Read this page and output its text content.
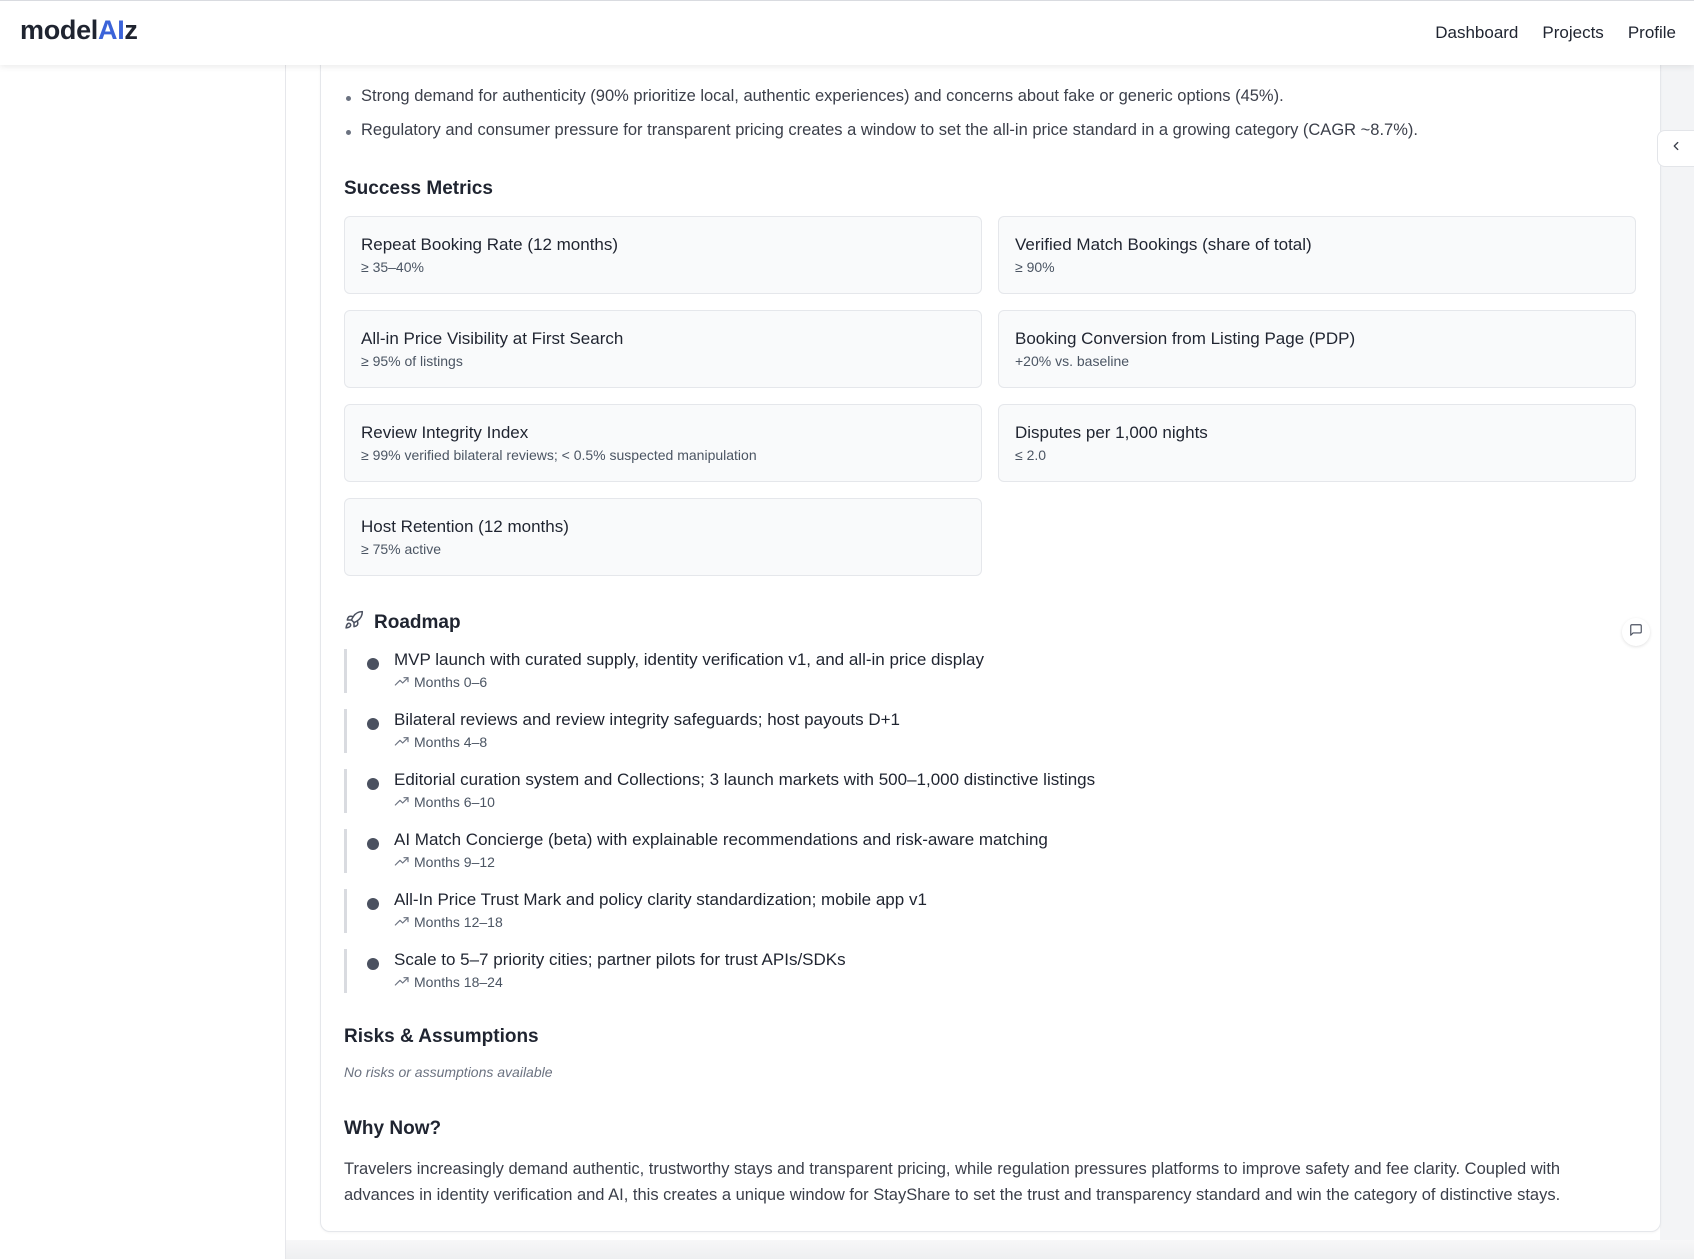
Strong demand for authenticity (90% prioritize local, authentic experiences) and concerns about fake or generic options (45%).
Regulatory and consumer pressure for transparent pricing creates a window to set the all-in price standard in a growing category (CAGR ~8.7%).
Success Metrics
Repeat Booking Rate (12 months)
≥ 35–40%
Verified Match Bookings (share of total)
≥ 90%
All-in Price Visibility at First Search
≥ 95% of listings
Booking Conversion from Listing Page (PDP)
+20% vs. baseline
Review Integrity Index
≥ 99% verified bilateral reviews; < 0.5% suspected manipulation
Disputes per 1,000 nights
≤ 2.0
Host Retention (12 months)
≥ 75% active
Roadmap
MVP launch with curated supply, identity verification v1, and all-in price display
Months 0–6
Bilateral reviews and review integrity safeguards; host payouts D+1
Months 4–8
Editorial curation system and Collections; 3 launch markets with 500–1,000 distinctive listings
Months 6–10
AI Match Concierge (beta) with explainable recommendations and risk-aware matching
Months 9–12
All-In Price Trust Mark and policy clarity standardization; mobile app v1
Months 12–18
Scale to 5–7 priority cities; partner pilots for trust APIs/SDKs
Months 18–24
Risks & Assumptions
No risks or assumptions available
Why Now?
Travelers increasingly demand authentic, trustworthy stays and transparent pricing, while regulation pressures platforms to improve safety and fee clarity. Coupled with advances in identity verification and AI, this creates a unique window for StayShare to set the trust and transparency standard and win the category of distinctive stays.
modelAIz	Dashboard Projects Profile
